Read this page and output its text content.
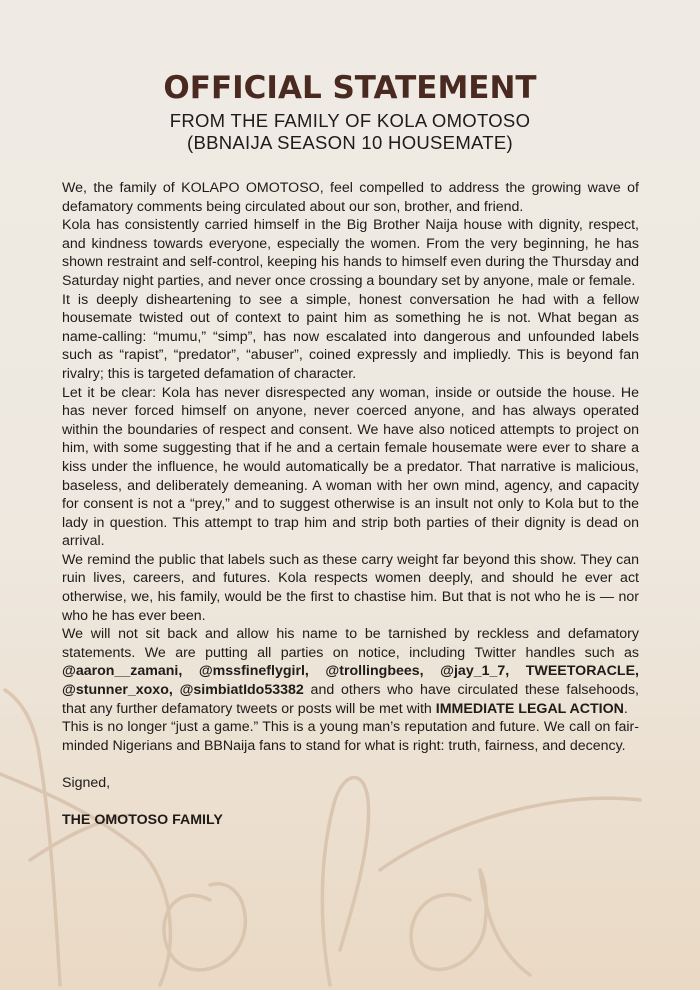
OFFICIAL STATEMENT
FROM THE FAMILY OF KOLA OMOTOSO
(BBNAIJA SEASON 10 HOUSEMATE)

We, the family of KOLAPO OMOTOSO, feel compelled to address the growing wave of defamatory comments being circulated about our son, brother, and friend.

Kola has consistently carried himself in the Big Brother Naija house with dignity, respect, and kindness towards everyone, especially the women. From the very beginning, he has shown restraint and self-control, keeping his hands to himself even during the Thursday and Saturday night parties, and never once crossing a boundary set by anyone, male or female.

It is deeply disheartening to see a simple, honest conversation he had with a fellow housemate twisted out of context to paint him as something he is not. What began as name-calling: “mumu,” “simp”, has now escalated into dangerous and unfounded labels such as “rapist”, “predator”, “abuser”, coined expressly and impliedly. This is beyond fan rivalry; this is targeted defamation of character.

Let it be clear: Kola has never disrespected any woman, inside or outside the house. He has never forced himself on anyone, never coerced anyone, and has always operated within the boundaries of respect and consent. We have also noticed attempts to project on him, with some suggesting that if he and a certain female housemate were ever to share a kiss under the influence, he would automatically be a predator. That narrative is malicious, baseless, and deliberately demeaning. A woman with her own mind, agency, and capacity for consent is not a “prey,” and to suggest otherwise is an insult not only to Kola but to the lady in question. This attempt to trap him and strip both parties of their dignity is dead on arrival.

We remind the public that labels such as these carry weight far beyond this show. They can ruin lives, careers, and futures. Kola respects women deeply, and should he ever act otherwise, we, his family, would be the first to chastise him. But that is not who he is — nor who he has ever been.

We will not sit back and allow his name to be tarnished by reckless and defamatory statements. We are putting all parties on notice, including Twitter handles such as @aaron__zamani, @mssfineflygirl, @trollingbees, @jay_1_7, TWEETORACLE, @stunner_xoxo, @simbiatIdo53382 and others who have circulated these falsehoods, that any further defamatory tweets or posts will be met with IMMEDIATE LEGAL ACTION.

This is no longer “just a game.” This is a young man’s reputation and future. We call on fair-minded Nigerians and BBNaija fans to stand for what is right: truth, fairness, and decency.

Signed,

THE OMOTOSO FAMILY
